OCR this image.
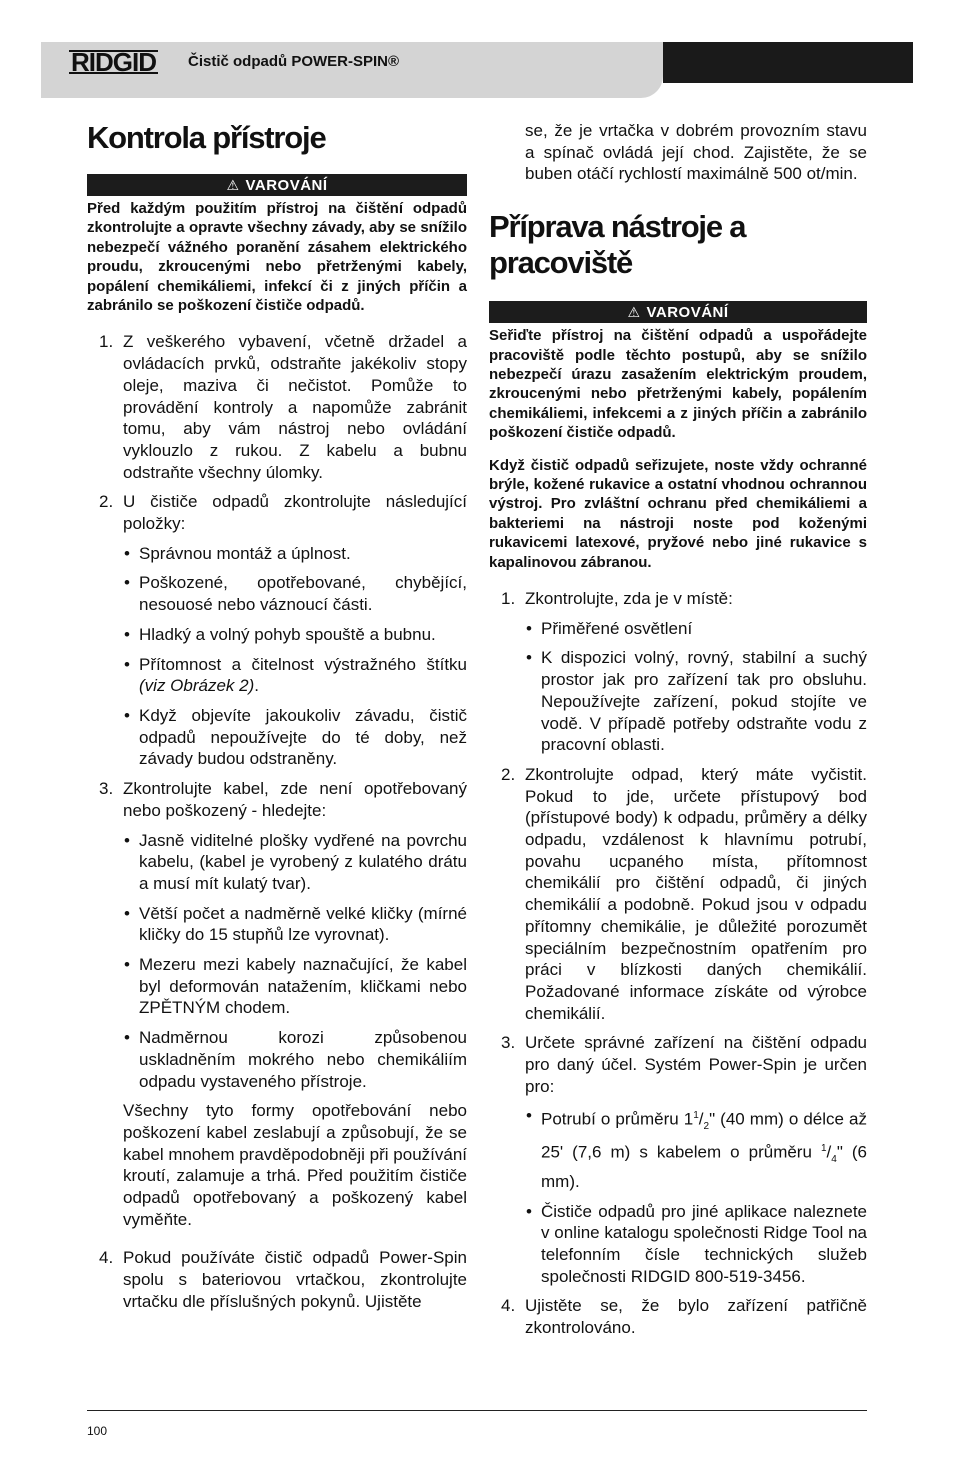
RIDGID Čistič odpadů POWER-SPIN®
Kontrola přístroje
⚠ VAROVÁNÍ

Před každým použitím přístroj na čištění odpadů zkontrolujte a opravte všechny závady, aby se snížilo nebezpečí vážného poranění zásahem elektrického proudu, zkroucenými nebo přetrženými kabely, popálení chemikáliemi, infekcí či z jiných příčin a zabránilo se poškození čističe odpadů.

1. Z veškerého vybavení, včetně držadel a ovládacích prvků, odstraňte jakékoliv stopy oleje, maziva či nečistot. Pomůže to provádění kontroly a napomůže zabránit tomu, aby vám nástroj nebo ovládání vyklouzlo z rukou. Z kabelu a bubnu odstraňte všechny úlomky.
2. U čističe odpadů zkontrolujte následující položky:
• Správnou montáž a úplnost.
• Poškozené, opotřebované, chybějící, nesouosé nebo váznoucí části.
• Hladký a volný pohyb spouště a bubnu.
• Přítomnost a čitelnost výstražného štítku (viz Obrázek 2).
• Když objevíte jakoukoliv závadu, čistič odpadů nepoužívejte do té doby, než závady budou odstraněny.
3. Zkontrolujte kabel, zde není opotřebovaný nebo poškozený - hledejte:
• Jasně viditelné plošky vydřené na povrchu kabelu, (kabel je vyrobený z kulatého drátu a musí mít kulatý tvar).
• Větší počet a nadměrně velké kličky (mírné kličky do 15 stupňů lze vyrovnat).
• Mezeru mezi kabely naznačující, že kabel byl deformován natažením, kličkami nebo ZPĚTNÝM chodem.
• Nadměrnou korozi způsobenou uskladněním mokrého nebo chemikáliím odpadu vystaveného přístroje.

Všechny tyto formy opotřebování nebo poškození kabel zeslabují a způsobují, že se kabel mnohem pravděpodobněji při používání kroutí, zalamuje a trhá. Před použitím čističe odpadů opotřebovaný a poškozený kabel vyměňte.

4. Pokud používáte čistič odpadů Power-Spin spolu s bateriovou vrtačkou, zkontrolujte vrtačku dle příslušných pokynů. Ujistěte

se, že je vrtačka v dobrém provozním stavu a spínač ovládá její chod. Zajistěte, že se buben otáčí rychlostí maximálně 500 ot/min.

Příprava nástroje a pracoviště
⚠ VAROVÁNÍ

Seřiďte přístroj na čištění odpadů a uspořádejte pracoviště podle těchto postupů, aby se snížilo nebezpečí úrazu zasažením elektrickým proudem, zkroucenými nebo přetrženými kabely, popálením chemikáliemi, infekcemi a z jiných příčin a zabránilo poškození čističe odpadů.

Když čistič odpadů seřizujete, noste vždy ochranné brýle, kožené rukavice a ostatní vhodnou ochrannou výstroj. Pro zvláštní ochranu před chemikáliemi a bakteriemi na nástroji noste pod koženými rukavicemi latexové, pryžové nebo jiné rukavice s kapalinovou zábranou.

1. Zkontrolujte, zda je v místě:
• Přiměřené osvětlení
• K dispozici volný, rovný, stabilní a suchý prostor jak pro zařízení tak pro obsluhu. Nepoužívejte zařízení, pokud stojíte ve vodě. V případě potřeby odstraňte vodu z pracovní oblasti.
2. Zkontrolujte odpad, který máte vyčistit. Pokud to jde, určete přístupový bod (přístupové body) k odpadu, průměry a délky odpadu, vzdálenost k hlavnímu potrubí, povahu ucpaného místa, přítomnost chemikálií pro čištění odpadů, či jiných chemikálií a podobně. Pokud jsou v odpadu přítomny chemikálie, je důležité porozumět speciálním bezpečnostním opatřením pro práci v blízkosti daných chemikálií. Požadované informace získáte od výrobce chemikálií.
3. Určete správné zařízení na čištění odpadu pro daný účel. Systém Power-Spin je určen pro:
• Potrubí o průměru $1^1/_2$" (40 mm) o délce až 25' (7,6 m) s kabelem o průměru $^1/_4$" (6 mm).
• Čističe odpadů pro jiné aplikace naleznete v online katalogu společnosti Ridge Tool na telefonním čísle technických služeb společnosti RIDGID 800-519-3456.
4. Ujistěte se, že bylo zařízení patřičně zkontrolováno.
100
